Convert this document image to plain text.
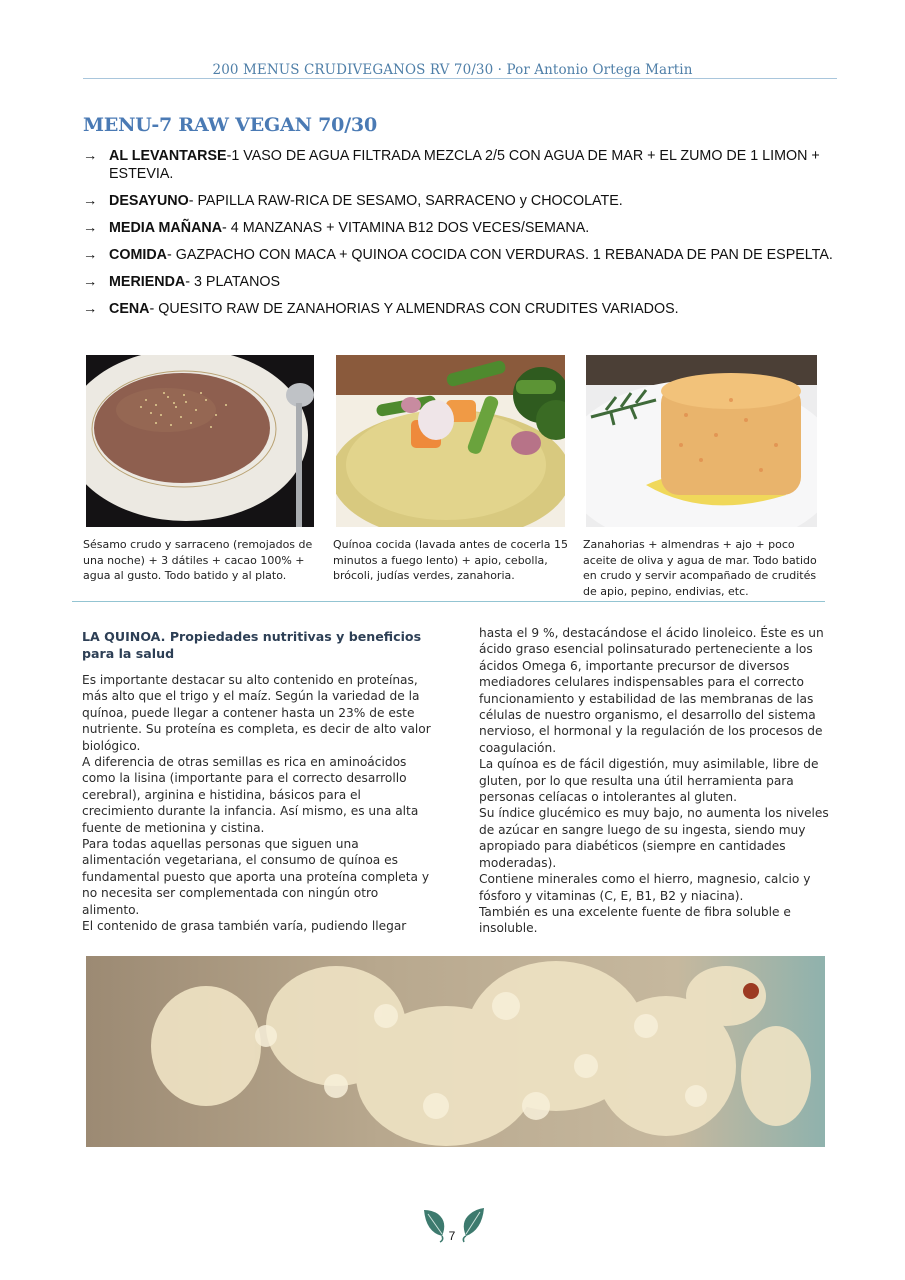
200 MENUS CRUDIVEGANOS RV 70/30 · Por Antonio Ortega Martin
MENU-7 RAW VEGAN 70/30
→ AL LEVANTARSE-1 VASO DE AGUA FILTRADA MEZCLA 2/5 CON AGUA DE MAR + EL ZUMO DE 1 LIMON + ESTEVIA.
→ DESAYUNO- PAPILLA RAW-RICA DE SESAMO, SARRACENO y CHOCOLATE.
→ MEDIA MAÑANA- 4 MANZANAS + VITAMINA B12 DOS VECES/SEMANA.
→ COMIDA- GAZPACHO CON MACA + QUINOA COCIDA CON VERDURAS. 1 REBANADA DE PAN DE ESPELTA.
→ MERIENDA- 3 PLATANOS
→ CENA- QUESITO RAW DE ZANAHORIAS Y ALMENDRAS CON CRUDITES VARIADOS.
Sésamo crudo y sarraceno (remojados de una noche) + 3 dátiles + cacao 100% + agua al gusto. Todo batido y al plato.
Quínoa cocida (lavada antes de cocerla 15 minutos a fuego lento) + apio, cebolla, brócoli, judías verdes, zanahoria.
Zanahorias + almendras + ajo + poco aceite de oliva y agua de mar. Todo batido en crudo y servir acompañado de crudités de apio, pepino, endivias, etc.
LA QUINOA. Propiedades nutritivas y beneficios para la salud

Es importante destacar su alto contenido en proteínas, más alto que el trigo y el maíz. Según la variedad de la quínoa, puede llegar a contener hasta un 23% de este nutriente. Su proteína es completa, es decir de alto valor biológico.

A diferencia de otras semillas es rica en aminoácidos como la lisina (importante para el correcto desarrollo cerebral), arginina e histidina, básicos para el crecimiento durante la infancia. Así mismo, es una alta fuente de metionina y cistina.

Para todas aquellas personas que siguen una alimentación vegetariana, el consumo de quínoa es fundamental puesto que aporta una proteína completa y no necesita ser complementada con ningún otro alimento.

El contenido de grasa también varía, pudiendo llegar

hasta el 9 %, destacándose el ácido linoleico. Éste es un ácido graso esencial polinsaturado perteneciente a los ácidos Omega 6, importante precursor de diversos mediadores celulares indispensables para el correcto funcionamiento y estabilidad de las membranas de las células de nuestro organismo, el desarrollo del sistema nervioso, el hormonal y la regulación de los procesos de coagulación.

La quínoa es de fácil digestión, muy asimilable, libre de gluten, por lo que resulta una útil herramienta para personas celíacas o intolerantes al gluten.

Su índice glucémico es muy bajo, no aumenta los niveles de azúcar en sangre luego de su ingesta, siendo muy apropiado para diabéticos (siempre en cantidades moderadas).

Contiene minerales como el hierro, magnesio, calcio y fósforo y vitaminas (C, E, B1, B2 y niacina).

También es una excelente fuente de fibra soluble e insoluble.

7
